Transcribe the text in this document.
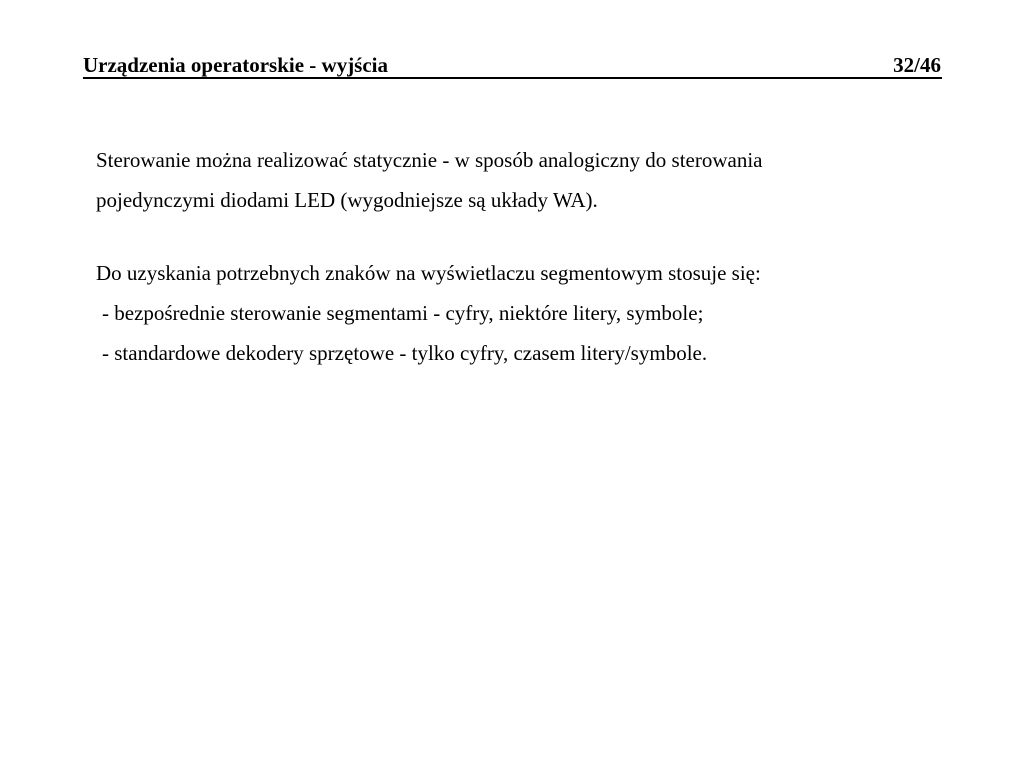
Urządzenia operatorskie - wyjścia	32/46
Sterowanie można realizować statycznie - w sposób analogiczny do sterowania
pojedynczymi diodami LED (wygodniejsze są układy WA).
Do uzyskania potrzebnych znaków na wyświetlaczu segmentowym stosuje się:
- bezpośrednie sterowanie segmentami - cyfry, niektóre litery, symbole;
- standardowe dekodery sprzętowe - tylko cyfry, czasem litery/symbole.
